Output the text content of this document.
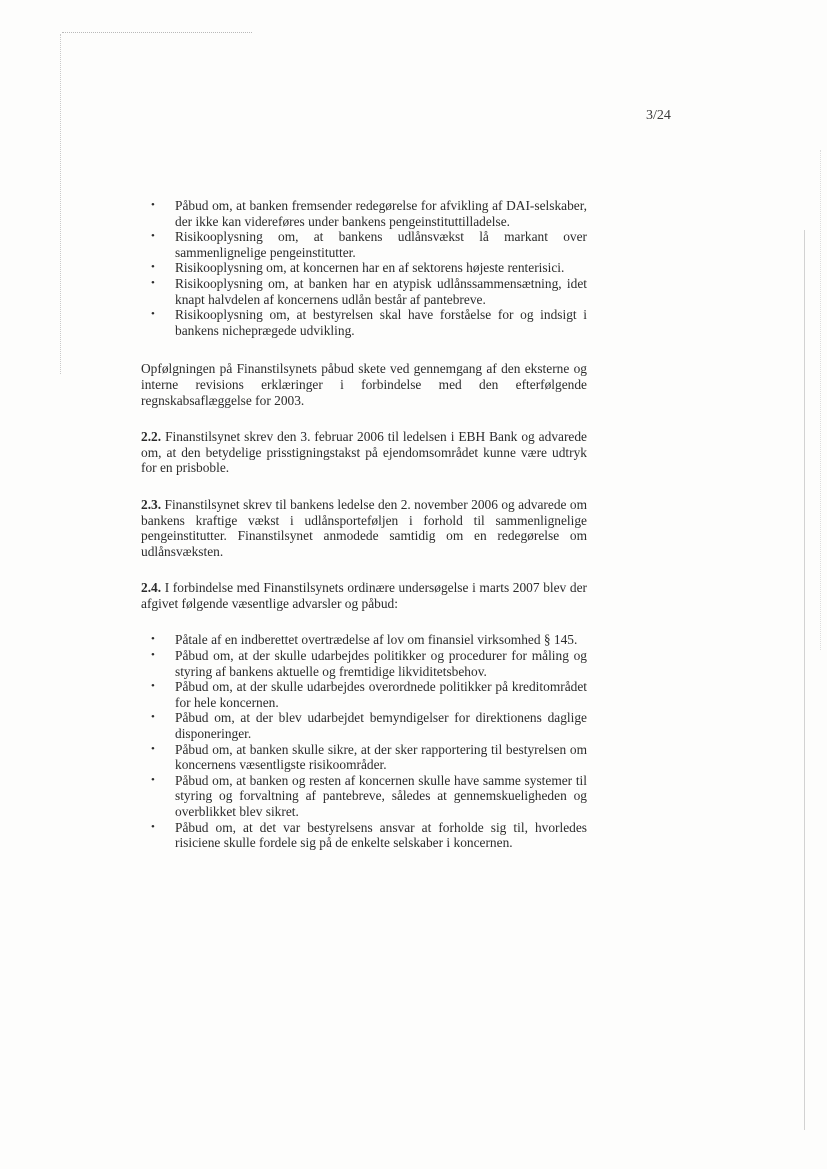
3/24
• Påbud om, at banken fremsender redegørelse for afvikling af DAI-selskaber, der ikke kan videreføres under bankens pengeinstituttilladelse.
• Risikooplysning om, at bankens udlånsvækst lå markant over sammenlignelige pengeinstitutter.
• Risikooplysning om, at koncernen har en af sektorens højeste renterisici.
• Risikooplysning om, at banken har en atypisk udlånssammensætning, idet knapt halvdelen af koncernens udlån består af pantebreve.
• Risikooplysning om, at bestyrelsen skal have forståelse for og indsigt i bankens nicheprægede udvikling.

Opfølgningen på Finanstilsynets påbud skete ved gennemgang af den eksterne og interne revisions erklæringer i forbindelse med den efterfølgende regnskabsaflæggelse for 2003.

2.2. Finanstilsynet skrev den 3. februar 2006 til ledelsen i EBH Bank og advarede om, at den betydelige prisstigningstakst på ejendomsområdet kunne være udtryk for en prisboble.

2.3. Finanstilsynet skrev til bankens ledelse den 2. november 2006 og advarede om bankens kraftige vækst i udlånsporteføljen i forhold til sammenlignelige pengeinstitutter. Finanstilsynet anmodede samtidig om en redegørelse om udlånsvæksten.

2.4. I forbindelse med Finanstilsynets ordinære undersøgelse i marts 2007 blev der afgivet følgende væsentlige advarsler og påbud:

• Påtale af en indberettet overtrædelse af lov om finansiel virksomhed § 145.
• Påbud om, at der skulle udarbejdes politikker og procedurer for måling og styring af bankens aktuelle og fremtidige likviditetsbehov.
• Påbud om, at der skulle udarbejdes overordnede politikker på kreditområdet for hele koncernen.
• Påbud om, at der blev udarbejdet bemyndigelser for direktionens daglige disponeringer.
• Påbud om, at banken skulle sikre, at der sker rapportering til bestyrelsen om koncernens væsentligste risikoområder.
• Påbud om, at banken og resten af koncernen skulle have samme systemer til styring og forvaltning af pantebreve, således at gennemskueligheden og overblikket blev sikret.
• Påbud om, at det var bestyrelsens ansvar at forholde sig til, hvorledes risiciene skulle fordele sig på de enkelte selskaber i koncernen.
